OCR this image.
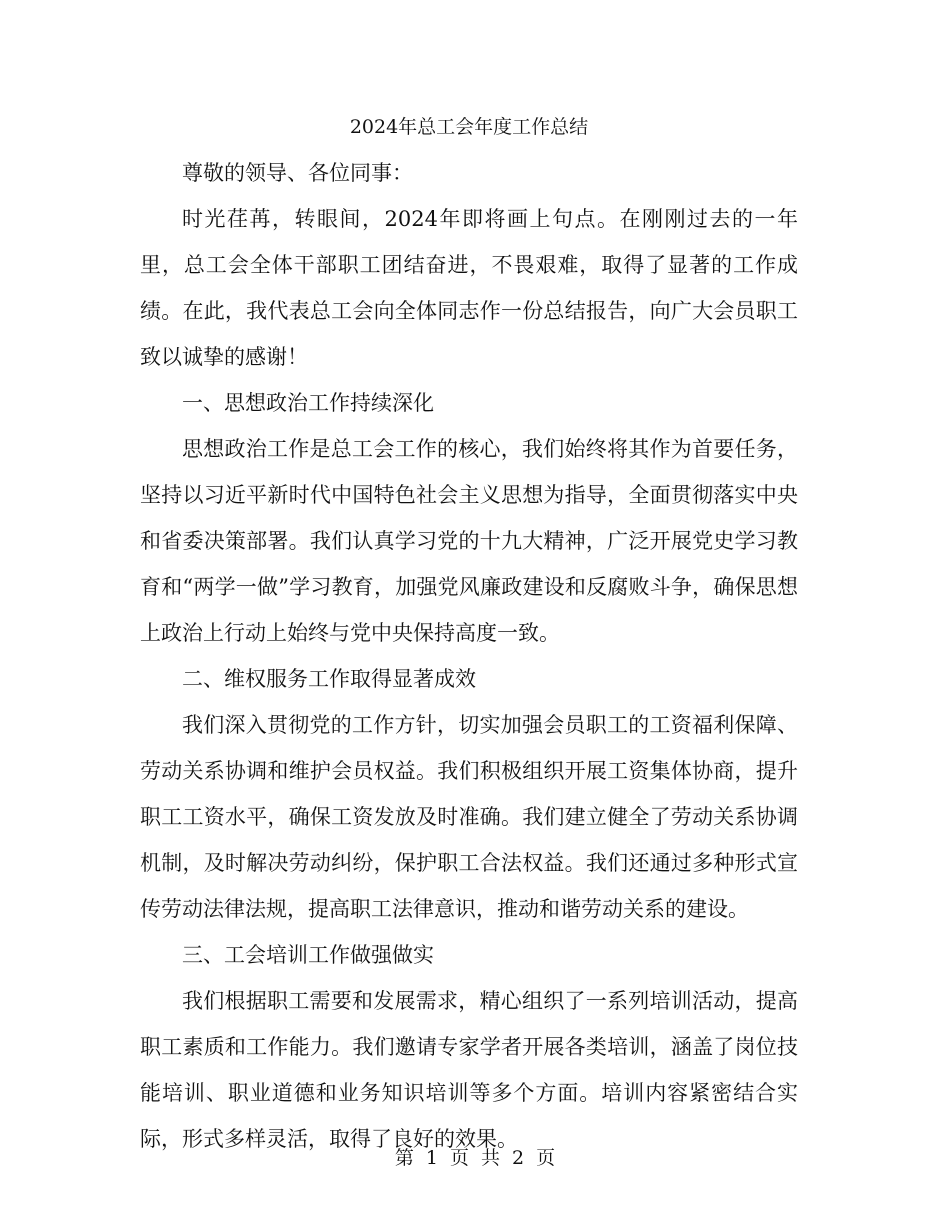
2024年总工会年度工作总结

尊敬的领导、各位同事：

时光荏苒，转眼间，2024年即将画上句点。在刚刚过去的一年里，总工会全体干部职工团结奋进，不畏艰难，取得了显著的工作成绩。在此，我代表总工会向全体同志作一份总结报告，向广大会员职工致以诚挚的感谢！

一、思想政治工作持续深化

思想政治工作是总工会工作的核心，我们始终将其作为首要任务，坚持以习近平新时代中国特色社会主义思想为指导，全面贯彻落实中央和省委决策部署。我们认真学习党的十九大精神，广泛开展党史学习教育和“两学一做”学习教育，加强党风廉政建设和反腐败斗争，确保思想上政治上行动上始终与党中央保持高度一致。

二、维权服务工作取得显著成效

我们深入贯彻党的工作方针，切实加强会员职工的工资福利保障、劳动关系协调和维护会员权益。我们积极组织开展工资集体协商，提升职工工资水平，确保工资发放及时准确。我们建立健全了劳动关系协调机制，及时解决劳动纠纷，保护职工合法权益。我们还通过多种形式宣传劳动法律法规，提高职工法律意识，推动和谐劳动关系的建设。

三、工会培训工作做强做实

我们根据职工需要和发展需求，精心组织了一系列培训活动，提高职工素质和工作能力。我们邀请专家学者开展各类培训，涵盖了岗位技能培训、职业道德和业务知识培训等多个方面。培训内容紧密结合实际，形式多样灵活，取得了良好的效果。

第 1 页 共 2 页
